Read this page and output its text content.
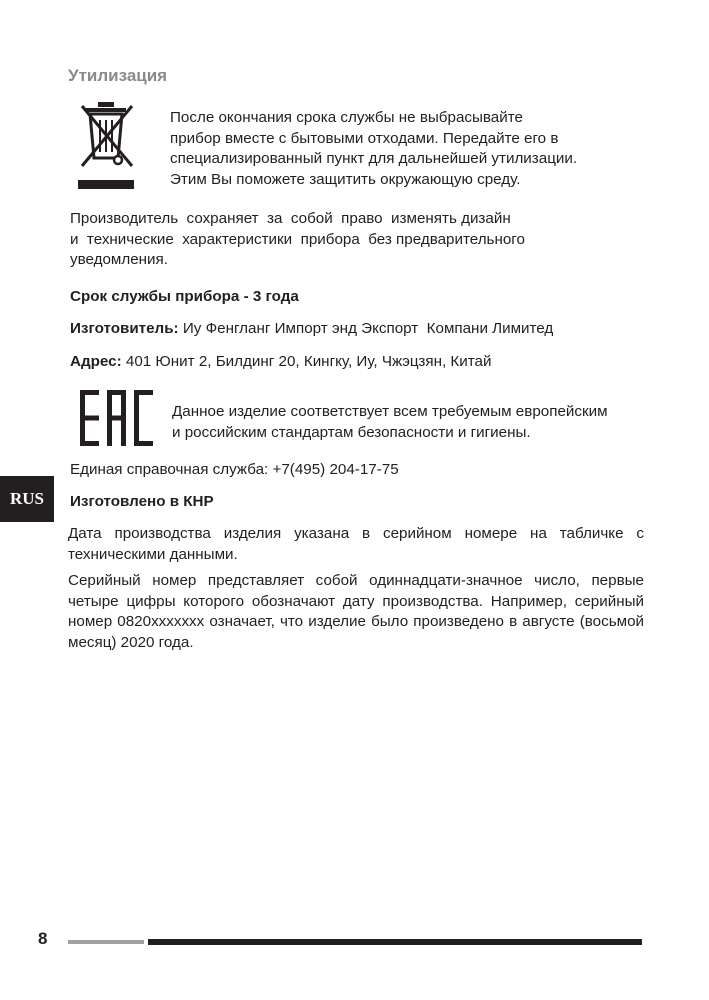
Утилизация

После окончания срока службы не выбрасывайте
прибор вместе с бытовыми отходами. Передайте его в
специализированный пункт для дальнейшей утилизации.
Этим Вы поможете защитить окружающую среду.

Производитель  сохраняет  за  собой  право  изменять дизайн
и  технические  характеристики  прибора  без предварительного
уведомления.

Срок службы прибора - 3 года
Изготовитель: Иу Фенгланг Импорт энд Экспорт  Компани Лимитед
Адрес: 401 Юнит 2, Билдинг 20, Кингку, Иу, Чжэцзян, Китай

Данное изделие соответствует всем требуемым европейским
и российским стандартам безопасности и гигиены.

Единая справочная служба: +7(495) 204-17-75
Изготовлено в КНР

Дата производства изделия указана в серийном номере на табличке с техническими данными.

Серийный номер представляет собой одиннадцати-значное число, первые четыре цифры которого обозначают дату производства. Например, серийный номер 0820xxxxxxx означает, что изделие было произведено в августе (восьмой месяц) 2020 года.

RUS
8
